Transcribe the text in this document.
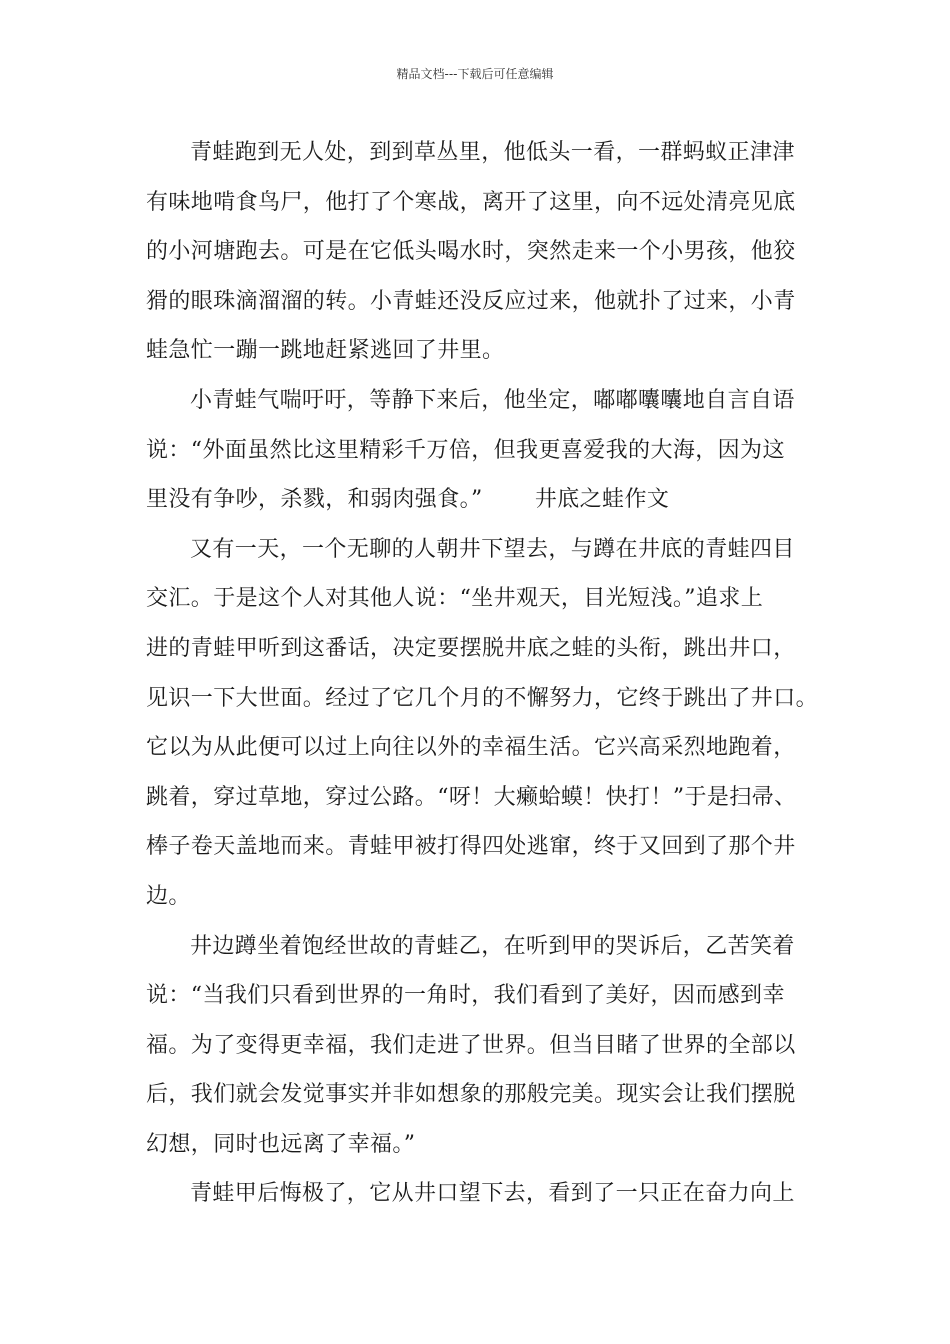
精品文档---下载后可任意编辑
青蛙跑到无人处，到到草丛里，他低头一看，一群蚂蚁正津津
有味地啃食鸟尸，他打了个寒战，离开了这里，向不远处清亮见底
的小河塘跑去。可是在它低头喝水时，突然走来一个小男孩，他狡
猾的眼珠滴溜溜的转。小青蛙还没反应过来，他就扑了过来，小青
蛙急忙一蹦一跳地赶紧逃回了井里。
小青蛙气喘吁吁，等静下来后，他坐定，嘟嘟囔囔地自言自语
说：“外面虽然比这里精彩千万倍，但我更喜爱我的大海，因为这
里没有争吵，杀戮，和弱肉强食。”　　 井底之蛙作文
又有一天，一个无聊的人朝井下望去，与蹲在井底的青蛙四目
交汇。于是这个人对其他人说：“坐井观天，目光短浅。”追求上
进的青蛙甲听到这番话，决定要摆脱井底之蛙的头衔，跳出井口，
见识一下大世面。经过了它几个月的不懈努力，它终于跳出了井口。
它以为从此便可以过上向往以外的幸福生活。它兴高采烈地跑着，
跳着，穿过草地，穿过公路。“呀！大癞蛤蟆！快打！”于是扫帚、
棒子卷天盖地而来。青蛙甲被打得四处逃窜，终于又回到了那个井
边。
井边蹲坐着饱经世故的青蛙乙，在听到甲的哭诉后，乙苦笑着
说：“当我们只看到世界的一角时，我们看到了美好，因而感到幸
福。为了变得更幸福，我们走进了世界。但当目睹了世界的全部以
后，我们就会发觉事实并非如想象的那般完美。现实会让我们摆脱
幻想，同时也远离了幸福。”
青蛙甲后悔极了，它从井口望下去，看到了一只正在奋力向上
